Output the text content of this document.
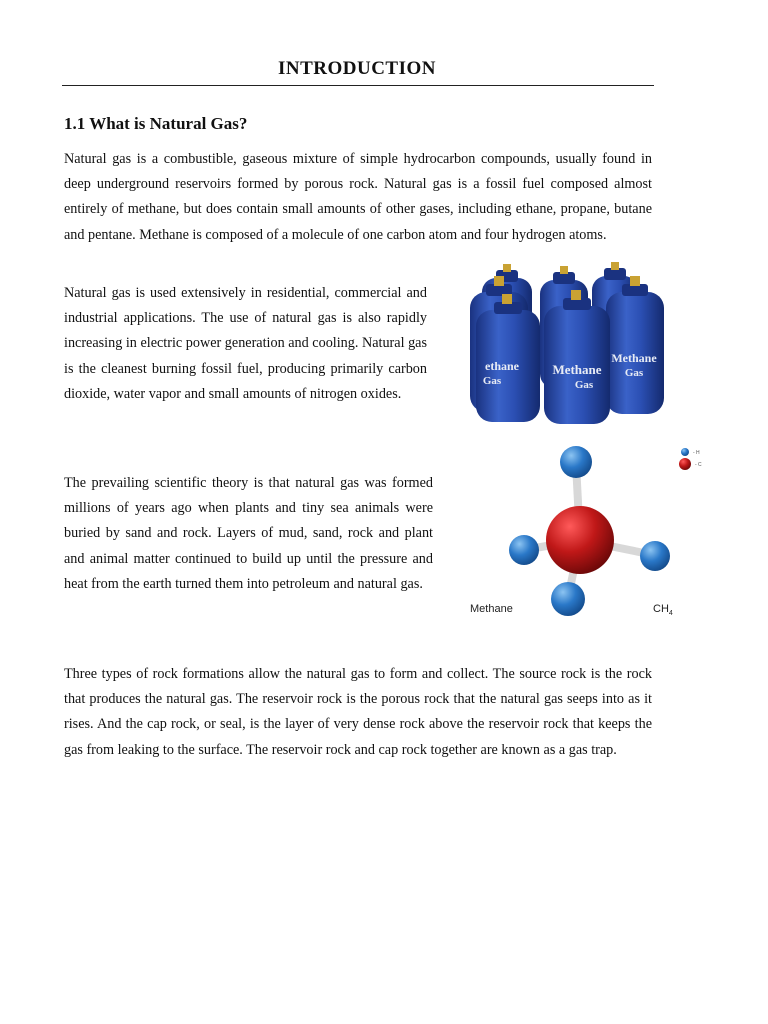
INTRODUCTION
1.1 What is Natural Gas?

Natural gas is a combustible, gaseous mixture of simple hydrocarbon compounds, usually found in deep underground reservoirs formed by porous rock. Natural gas is a fossil fuel composed almost entirely of methane, but does contain small amounts of other gases, including ethane, propane, butane and pentane. Methane is composed of a molecule of one carbon atom and four hydrogen atoms.

Natural gas is used extensively in residential, commercial and industrial applications. The use of natural gas is also rapidly increasing in electric power generation and cooling. Natural gas is the cleanest burning fossil fuel, producing primarily carbon dioxide, water vapor and small amounts of nitrogen oxides.

The prevailing scientific theory is that natural gas was formed millions of years ago when plants and tiny sea animals were buried by sand and rock. Layers of mud, sand, rock and plant and animal matter continued to build up until the pressure and heat from the earth turned them into petroleum and natural gas.

Three types of rock formations allow the natural gas to form and collect. The source rock is the rock that produces the natural gas. The reservoir rock is the porous rock that the natural gas seeps into as it rises. And the cap rock, or seal, is the layer of very dense rock above the reservoir rock that keeps the gas from leaking to the surface. The reservoir rock and cap rock together are known as a gas trap.

Methane
Gas
ethane
Gas
Methane
Gas
- H
- C
Methane	$CH_4$
